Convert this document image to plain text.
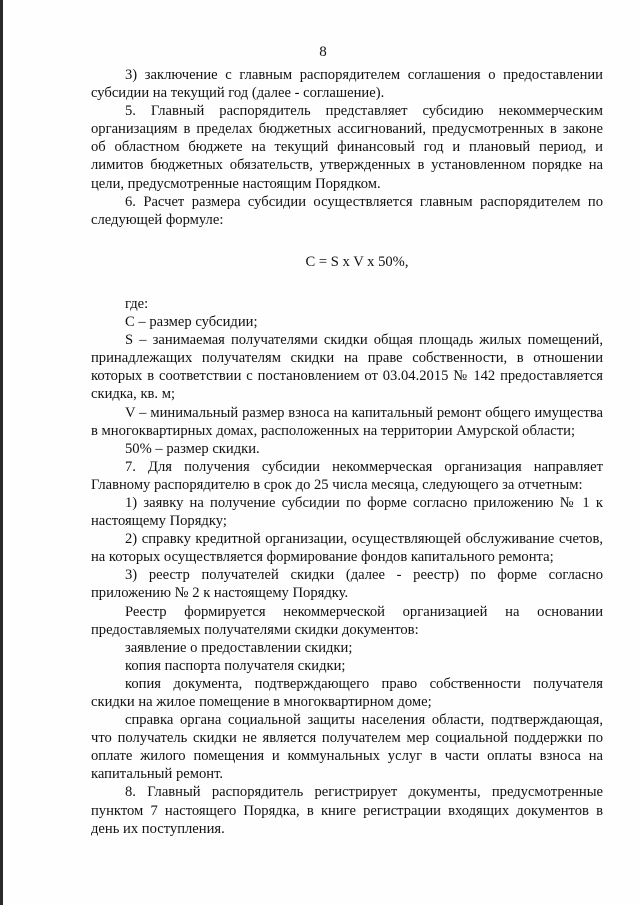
8

3) заключение с главным распорядителем соглашения о предоставлении субсидии на текущий год (далее - соглашение).

5. Главный распорядитель представляет субсидию некоммерческим организациям в пределах бюджетных ассигнований, предусмотренных в законе об областном бюджете на текущий финансовый год и плановый период, и лимитов бюджетных обязательств, утвержденных в установленном порядке на цели, предусмотренные настоящим Порядком.

6. Расчет размера субсидии осуществляется главным распорядителем по следующей формуле:

C = S x V x 50%,

где:

С – размер субсидии;

S – занимаемая получателями скидки общая площадь жилых помещений, принадлежащих получателям скидки на праве собственности, в отношении которых в соответствии с постановлением от 03.04.2015 № 142 предоставляется скидка, кв. м;

V – минимальный размер взноса на капитальный ремонт общего имущества в многоквартирных домах, расположенных на территории Амурской области;

50% – размер скидки.

7. Для получения субсидии некоммерческая организация направляет Главному распорядителю в срок до 25 числа месяца, следующего за отчетным:

1) заявку на получение субсидии по форме согласно приложению № 1 к настоящему Порядку;

2) справку кредитной организации, осуществляющей обслуживание счетов, на которых осуществляется формирование фондов капитального ремонта;

3) реестр получателей скидки (далее - реестр) по форме согласно приложению № 2 к настоящему Порядку.

Реестр формируется некоммерческой организацией на основании предоставляемых получателями скидки документов:

заявление о предоставлении скидки;

копия паспорта получателя скидки;

копия документа, подтверждающего право собственности получателя скидки на жилое помещение в многоквартирном доме;

справка органа социальной защиты населения области, подтверждающая, что получатель скидки не является получателем мер социальной поддержки по оплате жилого помещения и коммунальных услуг в части оплаты взноса на капитальный ремонт.

8. Главный распорядитель регистрирует документы, предусмотренные пунктом 7 настоящего Порядка, в книге регистрации входящих документов в день их поступления.
